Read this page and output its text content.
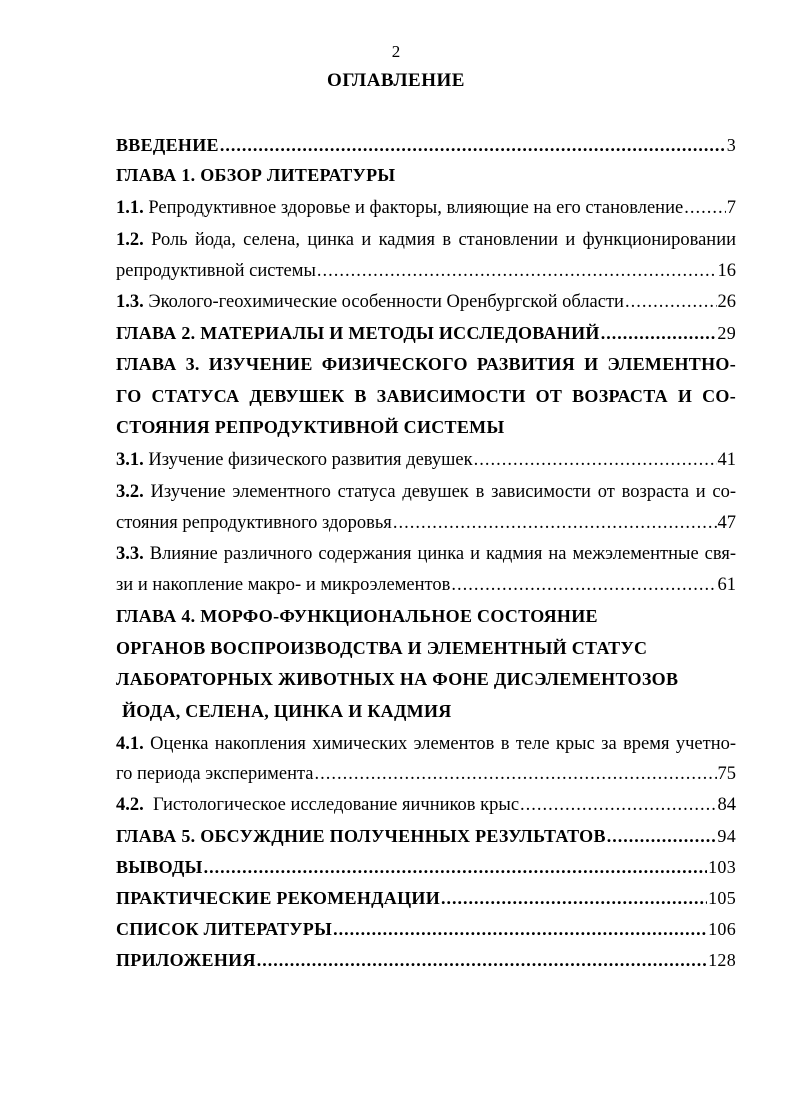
2
ОГЛАВЛЕНИЕ
ВВЕДЕНИЕ .....	3
ГЛАВА 1. ОБЗОР ЛИТЕРАТУРЫ
1.1. Репродуктивное здоровье и факторы, влияющие на его становление ..... 7
1.2. Роль йода, селена, цинка и кадмия в становлении и функционировании
репродуктивной системы .....	16
1.3. Эколого-геохимические особенности Оренбургской области .....	26
ГЛАВА 2. МАТЕРИАЛЫ И МЕТОДЫ ИССЛЕДОВАНИЙ .....	29
ГЛАВА 3. ИЗУЧЕНИЕ ФИЗИЧЕСКОГО РАЗВИТИЯ И ЭЛЕМЕНТНО-
ГО СТАТУСА ДЕВУШЕК В ЗАВИСИМОСТИ ОТ ВОЗРАСТА И СО-
СТОЯНИЯ РЕПРОДУКТИВНОЙ СИСТЕМЫ
3.1. Изучение физического развития девушек .....	41
3.2. Изучение элементного статуса девушек в зависимости от возраста и со-
стояния репродуктивного здоровья .....	47
3.3. Влияние различного содержания цинка и кадмия на межэлементные свя-
зи и накопление макро- и микроэлементов .....	61
ГЛАВА 4. МОРФО-ФУНКЦИОНАЛЬНОЕ СОСТОЯНИЕ
ОРГАНОВ ВОСПРОИЗВОДСТВА И ЭЛЕМЕНТНЫЙ СТАТУС
ЛАБОРАТОРНЫХ ЖИВОТНЫХ НА ФОНЕ ДИСЭЛЕМЕНТОЗОВ
ЙОДА, СЕЛЕНА, ЦИНКА И КАДМИЯ
4.1. Оценка накопления химических элементов в теле крыс за время учетно-
го периода эксперимента .....	75
4.2. Гистологическое исследование яичников крыс .....	84
ГЛАВА 5. ОБСУЖДНИЕ ПОЛУЧЕННЫХ РЕЗУЛЬТАТОВ .....	94
ВЫВОДЫ .....	103
ПРАКТИЧЕСКИЕ РЕКОМЕНДАЦИИ .....	105
СПИСОК ЛИТЕРАТУРЫ .....	106
ПРИЛОЖЕНИЯ .....	128
